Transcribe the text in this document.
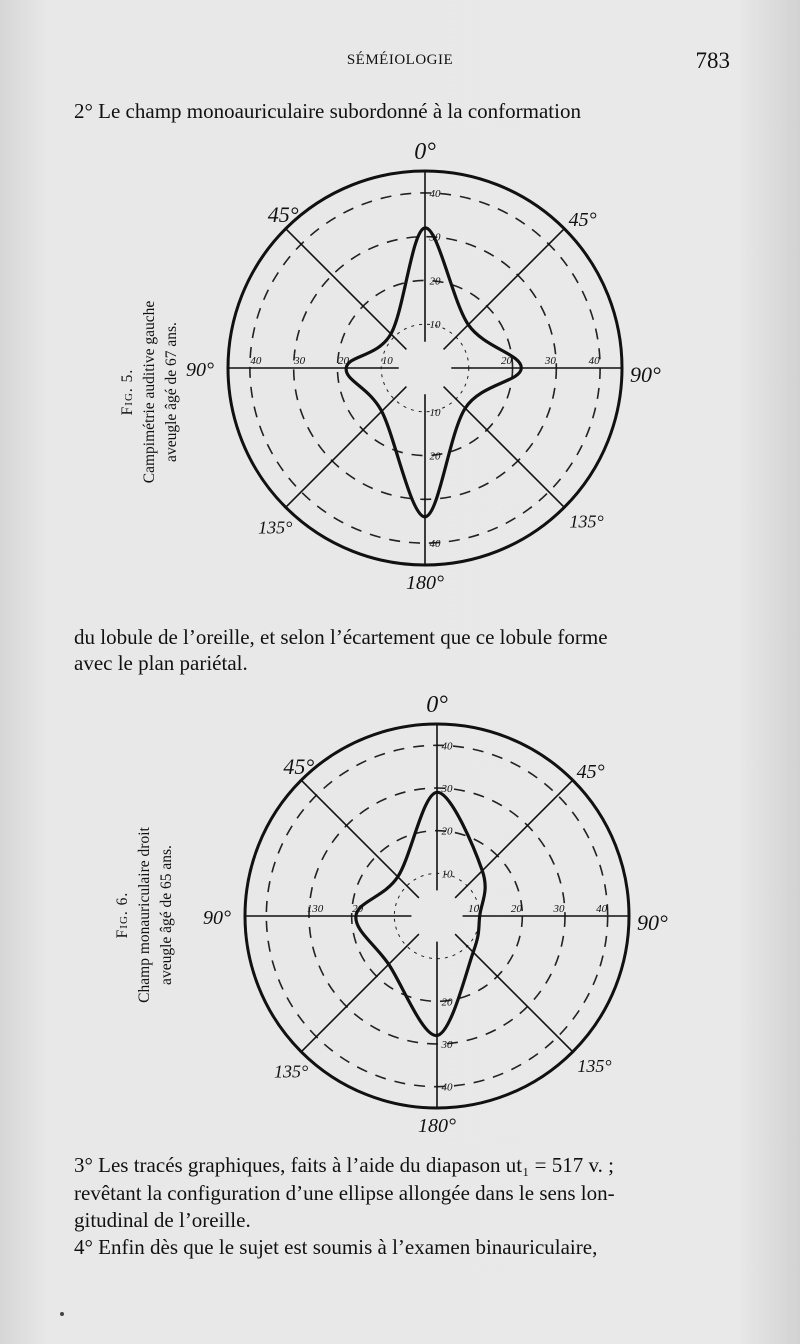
SÉMÉIOLOGIE	783
2° Le champ monoauriculaire subordonné à la conformation
Fig. 5. Campimétrie auditive gauche aveugle âgé de 67 ans.
0°
180°
90°	90°
45°	45°
135°	135°
40
30
20
10
10
20
40
40	30	20	10	20	30	40
du lobule de l’oreille, et selon l’écartement que ce lobule forme
avec le plan pariétal.
Fig. 6. Champ monauriculaire droit aveugle âgé de 65 ans.
0°
180°
90°	90°
45°	45°
135°	135°
40
30
20
10
20
30
40
130	20	10	20	30	40
3° Les tracés graphiques, faits à l’aide du diapason ut₁ = 517 v. ;
revêtant la configuration d’une ellipse allongée dans le sens lon-
gitudinal de l’oreille.
4° Enfin dès que le sujet est soumis à l’examen binauriculaire,
